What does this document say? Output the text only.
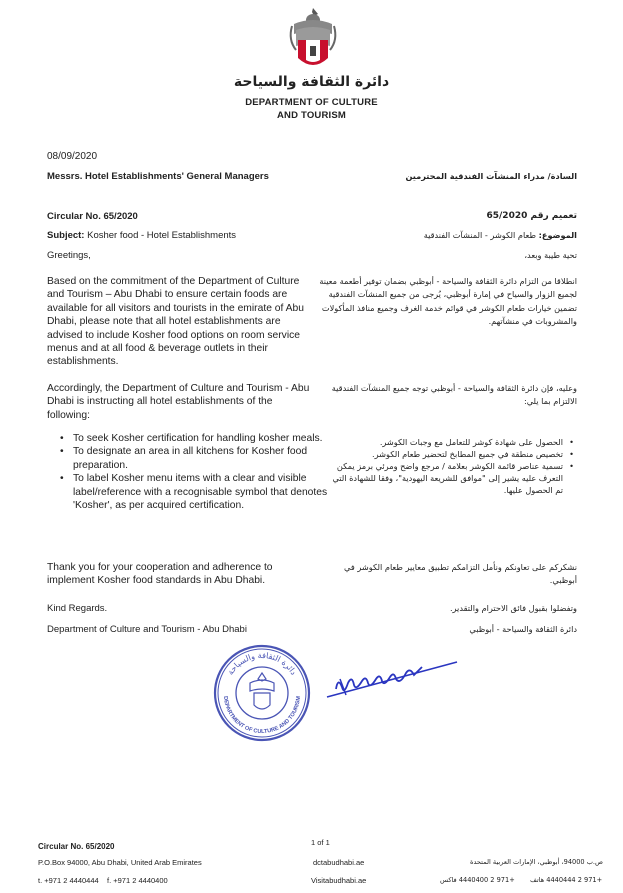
دائرة الثقافة والسياحة
DEPARTMENT OF CULTURE
AND TOURISM
08/09/2020
Messrs. Hotel Establishments' General Managers	السادة/ مدراء المنشآت الفندقية المحترمين
Circular No. 65/2020	تعميم رقم 65/2020
Subject: Kosher food - Hotel Establishments	الموضوع: طعام الكوشر - المنشآت الفندقية
Greetings,	تحية طيبة وبعد،
Based on the commitment of the Department of Culture and Tourism – Abu Dhabi to ensure certain foods are available for all visitors and tourists in the emirate of Abu Dhabi, please note that all hotel establishments are advised to include Kosher food options on room service menus and at all food & beverage outlets in their establishments.
انطلاقا من التزام دائرة الثقافة والسياحة - أبوظبي بضمان توفير أطعمة معينة لجميع الزوار والسياح في إمارة أبوظبي، يُرجى من جميع المنشآت الفندقية تضمين خيارات طعام الكوشر في قوائم خدمة الغرف وجميع منافذ المأكولات والمشروبات في منشآتهم.
Accordingly, the Department of Culture and Tourism - Abu Dhabi is instructing all hotel establishments of the following:
وعليه، فإن دائرة الثقافة والسياحة - أبوظبي توجه جميع المنشآت الفندقية الالتزام بما يلي:
• To seek Kosher certification for handling kosher meals.
• To designate an area in all kitchens for Kosher food preparation.
• To label Kosher menu items with a clear and visible label/reference with a recognisable symbol that denotes 'Kosher', as per acquired certification.
• الحصول على شهادة كوشر للتعامل مع وجبات الكوشر.
• تخصيص منطقة في جميع المطابخ لتحضير طعام الكوشر.
• تسمية عناصر قائمة الكوشر بعلامة / مرجع واضح ومرئي برمز يمكن التعرف عليه يشير إلى "موافق للشريعة اليهودية"، وفقا للشهادة التي تم الحصول عليها.
Thank you for your cooperation and adherence to implement Kosher food standards in Abu Dhabi.
نشكركم على تعاونكم ونأمل التزامكم تطبيق معايير طعام الكوشر في أبوظبي.
Kind Regards.	وتفضلوا بقبول فائق الاحترام والتقدير.
Department of Culture and Tourism - Abu Dhabi	دائرة الثقافة والسياحة - أبوظبي
دائرة الثقافة والسياحة
DEPARTMENT OF CULTURE AND TOURISM
Circular No. 65/2020	1 of 1
P.O.Box 94000, Abu Dhabi, United Arab Emirates	dctabudhabi.ae	ص.ب 94000، أبوظبي، الإمارات العربية المتحدة
t. +971 2 4440444 f. +971 2 4440400	Visitabudhabi.ae	+971 2 4440400 فاكس +971 2 4440444 هاتف
